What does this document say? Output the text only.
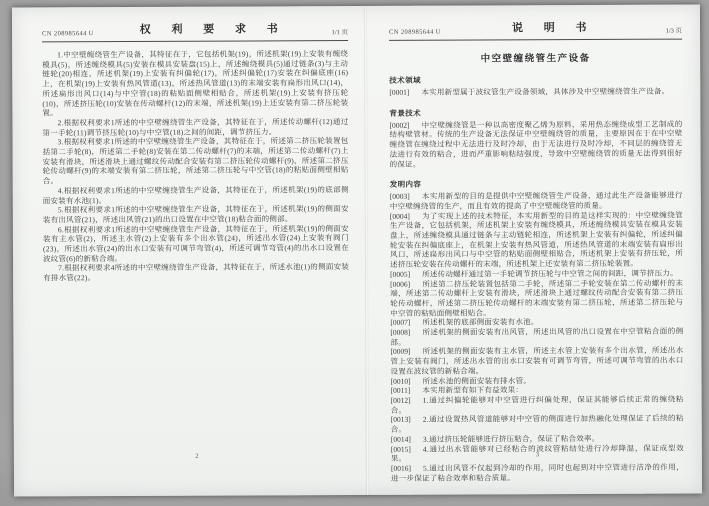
CN 208985644 U	权 利 要 求 书	1/1 页

1.中空壁缠绕管生产设备，其特征在于，它包括机架(19)，所述机架(19)上安装有缠绕模具(5)，所述缠绕模具(5)安装在模具安装盘(15)上，所述缠绕模具(5)通过链条(3)与主动链轮(20)相连，所述机架(19)上安装有纠偏轮(17)，所述纠偏轮(17)安装在纠偏底座(16)上，在机架(19)上安装有热风管道(13)，所述热风管道(13)的末端安装有扁形出风口(14)，所述扁形出风口(14)与中空管(18)的粘贴面侧壁相贴合，所述机架(19)上安装有挤压轮(10)，所述挤压轮(10)安装在传动螺杆(12)的末端，所述机架(19)上还安装有第二挤压轮装置。

2.根据权利要求1所述的中空壁缠绕管生产设备，其特征在于，所述传动螺杆(12)通过第一手轮(11)调节挤压轮(10)与中空管(18)之间的间距，调节挤压力。

3.根据权利要求1所述的中空壁缠绕管生产设备，其特征在于，所述第二挤压轮装置包括第二手轮(8)，所述第二手轮(8)安装在第二传动螺杆(7)的末端，所述第二传动螺杆(7)上安装有滑块，所述滑块上通过螺纹传动配合安装有第二挤压轮传动螺杆(9)，所述第二挤压轮传动螺杆(9)的末端安装有第二挤压轮，所述第二挤压轮与中空管(18)的粘贴面侧壁相贴合。

4.根据权利要求1所述的中空壁缠绕管生产设备，其特征在于，所述机架(19)的底部侧面安装有水池(1)。

5.根据权利要求1所述的中空壁缠绕管生产设备，其特征在于，所述机架(19)的侧面安装有出风管(21)，所述出风管(21)的出口设置在中空管(18)粘合面的侧部。

6.根据权利要求1所述的中空壁缠绕管生产设备，其特征在于，所述机架(19)的侧面安装有主水管(2)，所述主水管(2)上安装有多个出水管(24)，所述出水管(24)上安装有阀门(23)，所述出水管(24)的出水口安装有可调节弯管(4)，所述可调节弯管(4)的出水口设置在波纹管(6)的新粘合端。

7.根据权利要求4所述的中空壁缠绕管生产设备，其特征在于，所述水池(1)的侧面安装有排水管(22)。

2
CN 208985644 U	说 明 书	1/3 页
中空壁缠绕管生产设备
技术领域

[0001] 本实用新型属于波纹管生产设备领域，具体涉及中空壁缠绕管生产设备。

背景技术

[0002] 中空壁缠绕管是一种以高密度聚乙烯为原料，采用热态缠绕成型工艺制成的结构壁管材。传统的生产设备无法保证中空壁缠绕管的质量，主要原因在于在中空壁缠绕管在缠绕过程中无法进行及时冷却，由于无法进行及时冷却，不同层的缠绕管无法进行有效的粘合，进而严重影响粘结强度，导致中空壁缠绕管的质量无法得到很好的保证。

发明内容

[0003] 本实用新型的目的是提供中空壁缠绕管生产设备，通过此生产设备能够进行中空壁缠绕管的生产，而且有效的提高了中空壁缠绕管的质量。

[0004] 为了实现上述的技术特征，本实用新型的目的是这样实现的：中空壁缠绕管生产设备，它包括机架，所述机架上安装有缠绕模具，所述缠绕模具安装在模具安装盘上，所述缠绕模具通过链条与主动链轮相连，所述机架上安装有纠偏轮，所述纠偏轮安装在纠偏底座上，在机架上安装有热风管道，所述热风管道的末端安装有扁形出风口，所述扁形出风口与中空管的粘贴面侧壁相贴合，所述机架上安装有挤压轮，所述挤压轮安装在传动螺杆的末端，所述机架上还安装有第二挤压轮装置。

[0005] 所述传动螺杆通过第一手轮调节挤压轮与中空管之间的间距，调节挤压力。

[0006] 所述第二挤压轮装置包括第二手轮，所述第二手轮安装在第二传动螺杆的末端，所述第二传动螺杆上安装有滑块，所述滑块上通过螺纹传动配合安装有第二挤压轮传动螺杆，所述第二挤压轮传动螺杆的末端安装有第二挤压轮，所述第二挤压轮与中空管的粘贴面侧壁相贴合。

[0007] 所述机架的底部侧面安装有水池。

[0008] 所述机架的侧面安装有出风管，所述出风管的出口设置在中空管粘合面的侧部。

[0009] 所述机架的侧面安装有主水管，所述主水管上安装有多个出水管，所述出水管上安装有阀门，所述出水管的出水口安装有可调节弯管，所述可调节弯管的出水口设置在波纹管的新粘合端。

[0010] 所述水池的侧面安装有排水管。

[0011] 本实用新型有如下有益效果：

[0012] 1.通过纠偏轮能够对中空管进行纠偏处理，保证其能够后续正常的缠绕粘合。

[0013] 2.通过设置热风管道能够对中空管的侧面进行加热融化处理保证了后续的粘合。

[0014] 3.通过挤压轮能够进行挤压粘合，保证了粘合效率。

[0015] 4.通过出水管能够对已经粘合的波纹管粘结处进行冷却降温，保证成型效果。

[0016] 5.通过出风管不仅起到冷却的作用，同时也起到对中空管进行洁净的作用，进一步保证了粘合效率和粘合质量。

3
